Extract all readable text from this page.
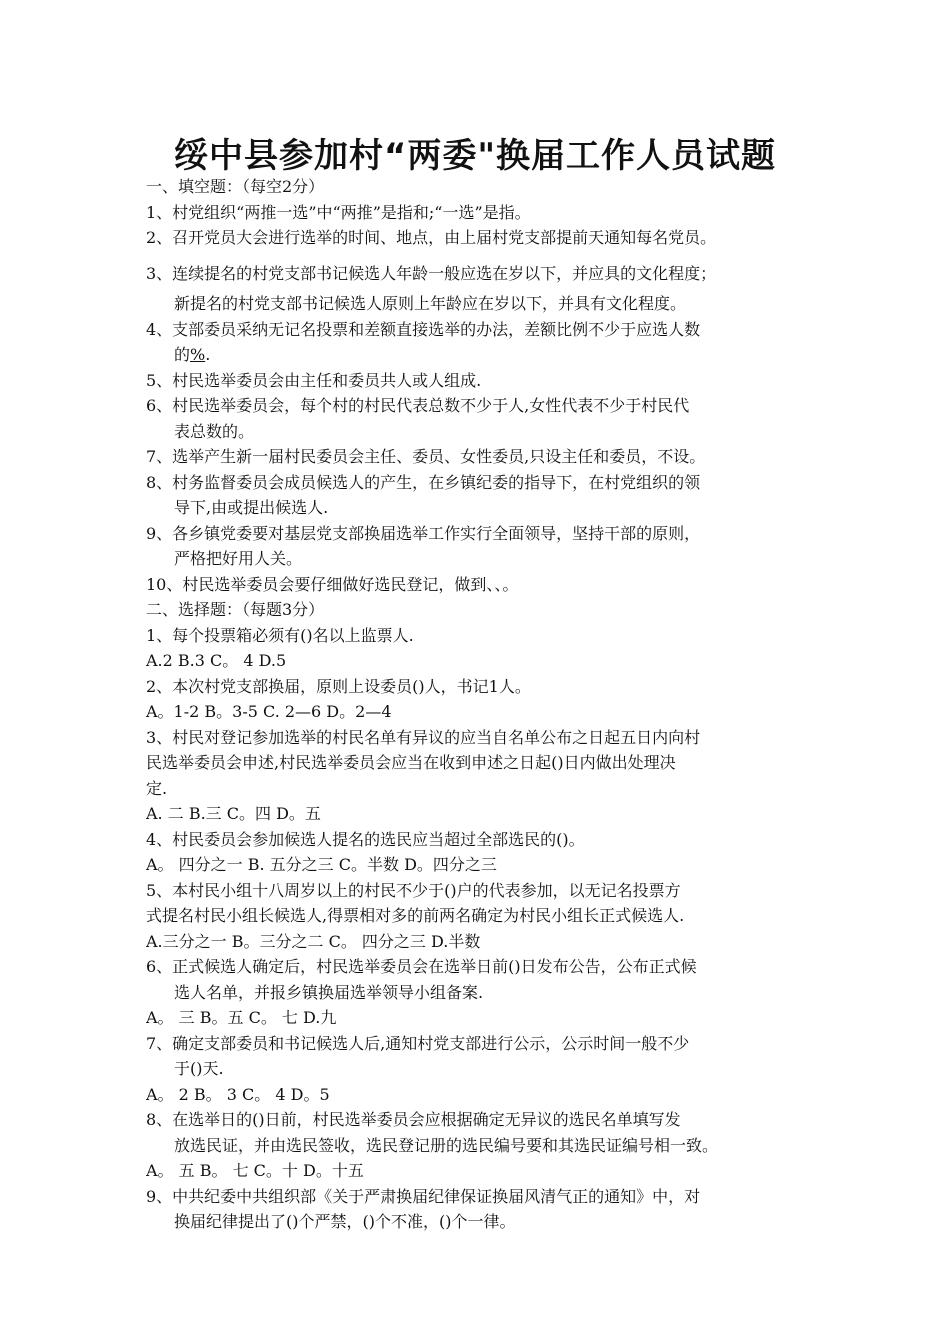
绥中县参加村“两委"换届工作人员试题
一、填空题：（每空2分）
1、村党组织“两推一选”中“两推”是指和;“一选”是指。
2、召开党员大会进行选举的时间、地点，由上届村党支部提前天通知每名党员。
3、连续提名的村党支部书记候选人年龄一般应选在岁以下，并应具的文化程度；
新提名的村党支部书记候选人原则上年龄应在岁以下，并具有文化程度。
4、支部委员采纳无记名投票和差额直接选举的办法，差额比例不少于应选人数
的%.
5、村民选举委员会由主任和委员共人或人组成.
6、村民选举委员会，每个村的村民代表总数不少于人,女性代表不少于村民代
表总数的。
7、选举产生新一届村民委员会主任、委员、女性委员,只设主任和委员，不设。
8、村务监督委员会成员候选人的产生，在乡镇纪委的指导下，在村党组织的领
导下,由或提出候选人.
9、各乡镇党委要对基层党支部换届选举工作实行全面领导，坚持干部的原则，
严格把好用人关。
10、村民选举委员会要仔细做好选民登记，做到、、。
二、选择题：（每题3分）
1、每个投票箱必须有()名以上监票人.
A.2 B.3 C。 4 D.5
2、本次村党支部换届，原则上设委员()人，书记1人。
A。1-2 B。3-5 C. 2—6 D。2—4
3、村民对登记参加选举的村民名单有异议的应当自名单公布之日起五日内向村
民选举委员会申述,村民选举委员会应当在收到申述之日起()日内做出处理决
定.
A. 二 B.三 C。四 D。五
4、村民委员会参加候选人提名的选民应当超过全部选民的()。
A。 四分之一 B. 五分之三 C。半数 D。四分之三
5、本村民小组十八周岁以上的村民不少于()户的代表参加，以无记名投票方
式提名村民小组长候选人,得票相对多的前两名确定为村民小组长正式候选人.
A.三分之一 B。三分之二 C。 四分之三 D.半数
6、正式候选人确定后，村民选举委员会在选举日前()日发布公告，公布正式候
选人名单，并报乡镇换届选举领导小组备案.
A。 三 B。五 C。 七 D.九
7、确定支部委员和书记候选人后,通知村党支部进行公示，公示时间一般不少
于()天.
A。 2 B。 3 C。 4 D。5
8、在选举日的()日前，村民选举委员会应根据确定无异议的选民名单填写发
放选民证，并由选民签收，选民登记册的选民编号要和其选民证编号相一致。
A。 五 B。 七 C。十 D。十五
9、中共纪委中共组织部《关于严肃换届纪律保证换届风清气正的通知》中，对
换届纪律提出了()个严禁，()个不准，()个一律。
